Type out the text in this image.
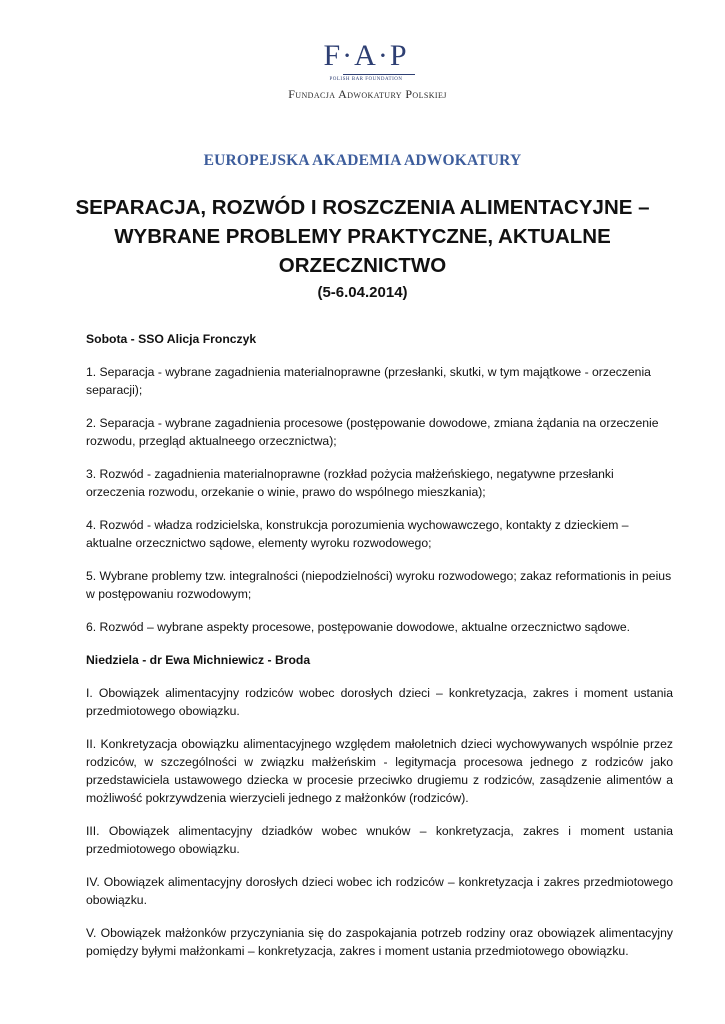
F·A·P
POLISH BAR FOUNDATION
Fundacja Adwokatury Polskiej
EUROPEJSKA AKADEMIA ADWOKATURY
SEPARACJA, ROZWÓD I ROSZCZENIA ALIMENTACYJNE – WYBRANE PROBLEMY PRAKTYCZNE, AKTUALNE ORZECZNICTWO
(5-6.04.2014)
Sobota - SSO Alicja Fronczyk
1. Separacja - wybrane zagadnienia materialnoprawne (przesłanki, skutki, w tym majątkowe - orzeczenia separacji);
2. Separacja - wybrane zagadnienia procesowe (postępowanie dowodowe, zmiana żądania na orzeczenie rozwodu, przegląd aktualneego orzecznictwa);
3. Rozwód - zagadnienia materialnoprawne (rozkład pożycia małżeńskiego, negatywne przesłanki orzeczenia rozwodu, orzekanie o winie, prawo do wspólnego mieszkania);
4. Rozwód - władza rodzicielska, konstrukcja porozumienia wychowawczego, kontakty z dzieckiem – aktualne orzecznictwo sądowe, elementy wyroku rozwodowego;
5. Wybrane problemy tzw. integralności (niepodzielności) wyroku rozwodowego; zakaz reformationis in peius w postępowaniu rozwodowym;
6. Rozwód – wybrane aspekty procesowe, postępowanie dowodowe, aktualne orzecznictwo sądowe.
Niedziela - dr Ewa Michniewicz - Broda
I. Obowiązek alimentacyjny rodziców wobec dorosłych dzieci – konkretyzacja, zakres i moment ustania przedmiotowego obowiązku.
II. Konkretyzacja obowiązku alimentacyjnego względem małoletnich dzieci wychowywanych wspólnie przez rodziców, w szczególności w związku małżeńskim - legitymacja procesowa jednego z rodziców jako przedstawiciela ustawowego dziecka w procesie przeciwko drugiemu z rodziców, zasądzenie alimentów a możliwość pokrzywdzenia wierzycieli jednego z małżonków (rodziców).
III. Obowiązek alimentacyjny dziadków wobec wnuków – konkretyzacja, zakres i moment ustania przedmiotowego obowiązku.
IV. Obowiązek alimentacyjny dorosłych dzieci wobec ich rodziców – konkretyzacja i zakres przedmiotowego obowiązku.
V. Obowiązek małżonków przyczyniania się do zaspokajania potrzeb rodziny oraz obowiązek alimentacyjny pomiędzy byłymi małżonkami – konkretyzacja, zakres i moment ustania przedmiotowego obowiązku.
